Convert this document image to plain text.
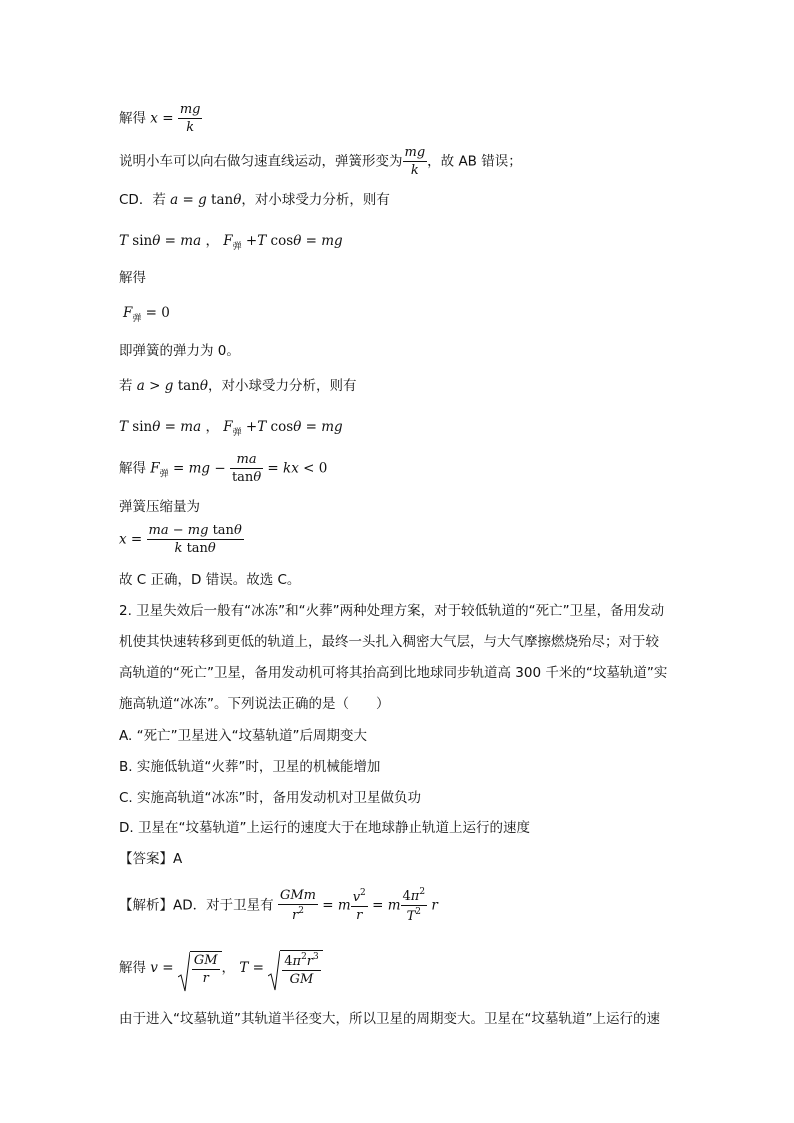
解得 $x = \frac{mg}{k}$
说明小车可以向右做匀速直线运动，弹簧形变为 $\frac{mg}{k}$ ，故 AB 错误；
CD．若 a = g tanθ，对小球受力分析，则有
T sinθ = ma ， $F_弹 +T$ cosθ = mg
解得
$F_弹 = 0$
即弹簧的弹力为 0。
若 a > g tanθ，对小球受力分析，则有
T sinθ = ma ， $F_弹 +T$ cosθ = mg
解得 $F_弹$ = mg − $\frac{ma}{\tan\theta}$ = kx < 0
弹簧压缩量为
$x = \frac{\text{ma − mg tanθ}}{\text{k tanθ}}$
故 C 正确，D 错误。故选 C。
2. 卫星失效后一般有“冰冻”和“火葬”两种处理方案，对于较低轨道的“死亡”卫星，备用发动
机使其快速转移到更低的轨道上，最终一头扎入稠密大气层，与大气摩擦燃烧殆尽；对于较
高轨道的“死亡”卫星，备用发动机可将其抬高到比地球同步轨道高 300 千米的“坟墓轨道”实
施高轨道“冰冻”。下列说法正确的是（　　）
A. “死亡”卫星进入“坟墓轨道”后周期变大
B. 实施低轨道“火葬”时，卫星的机械能增加
C. 实施高轨道“冰冻”时，备用发动机对卫星做负功
D. 卫星在“坟墓轨道”上运行的速度大于在地球静止轨道上运行的速度
【答案】A
【解析】AD．对于卫星有 $\frac{\text{GMm}}{r^2} = m \frac{v^2}{r} = m \frac{4\pi^2}{T^2}$ r
解得 $v = \frac{GM}{r}$ ， $T = \frac{4\pi^2r^3}{GM}$
由于进入“坟墓轨道”其轨道半径变大，所以卫星的周期变大。卫星在“坟墓轨道”上运行的速
